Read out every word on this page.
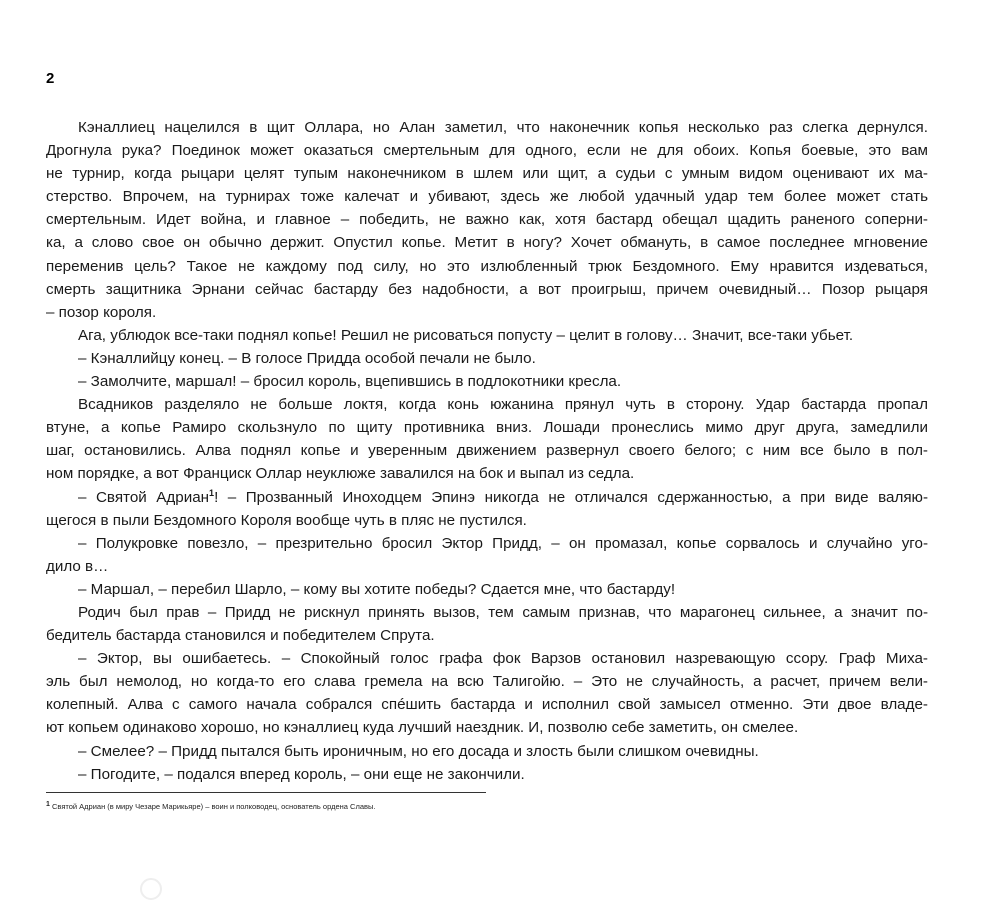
2
Кэналлиец нацелился в щит Оллара, но Алан заметил, что наконечник копья несколько раз слегка дернулся.
Дрогнула рука? Поединок может оказаться смертельным для одного, если не для обоих. Копья боевые, это вам
не турнир, когда рыцари целят тупым наконечником в шлем или щит, а судьи с умным видом оценивают их ма-
стерство. Впрочем, на турнирах тоже калечат и убивают, здесь же любой удачный удар тем более может стать
смертельным. Идет война, и главное – победить, не важно как, хотя бастард обещал щадить раненого соперни-
ка, а слово свое он обычно держит. Опустил копье. Метит в ногу? Хочет обмануть, в самое последнее мгновение
переменив цель? Такое не каждому под силу, но это излюбленный трюк Бездомного. Ему нравится издеваться,
смерть защитника Эрнани сейчас бастарду без надобности, а вот проигрыш, причем очевидный… Позор рыцаря
– позор короля.
Ага, ублюдок все-таки поднял копье! Решил не рисоваться попусту – целит в голову… Значит, все-таки убьет.
– Кэналлийцу конец. – В голосе Придда особой печали не было.
– Замолчите, маршал! – бросил король, вцепившись в подлокотники кресла.
Всадников разделяло не больше локтя, когда конь южанина прянул чуть в сторону. Удар бастарда пропал
втуне, а копье Рамиро скользнуло по щиту противника вниз. Лошади пронеслись мимо друг друга, замедлили
шаг, остановились. Алва поднял копье и уверенным движением развернул своего белого; с ним все было в пол-
ном порядке, а вот Франциск Оллар неуклюже завалился на бок и выпал из седла.
– Святой Адриан$^1$! – Прозванный Иноходцем Эпинэ никогда не отличался сдержанностью, а при виде валяю-
щегося в пыли Бездомного Короля вообще чуть в пляс не пустился.
– Полукровке повезло, – презрительно бросил Эктор Придд, – он промазал, копье сорвалось и случайно уго-
дило в…
– Маршал, – перебил Шарло, – кому вы хотите победы? Сдается мне, что бастарду!
Родич был прав – Придд не рискнул принять вызов, тем самым признав, что марагонец сильнее, а значит по-
бедитель бастарда становился и победителем Спрута.
– Эктор, вы ошибаетесь. – Спокойный голос графа фок Варзов остановил назревающую ссору. Граф Миха-
эль был немолод, но когда-то его слава гремела на всю Талигойю. – Это не случайность, а расчет, причем вели-
колепный. Алва с самого начала собрался спéшить бастарда и исполнил свой замысел отменно. Эти двое владе-
ют копьем одинаково хорошо, но кэналлиец куда лучший наездник. И, позволю себе заметить, он смелее.
– Смелее? – Придд пытался быть ироничным, но его досада и злость были слишком очевидны.
– Погодите, – подался вперед король, – они еще не закончили.
$^1$ Святой Адриан (в миру Чезаре Марикьяре) – воин и полководец, основатель ордена Славы.
